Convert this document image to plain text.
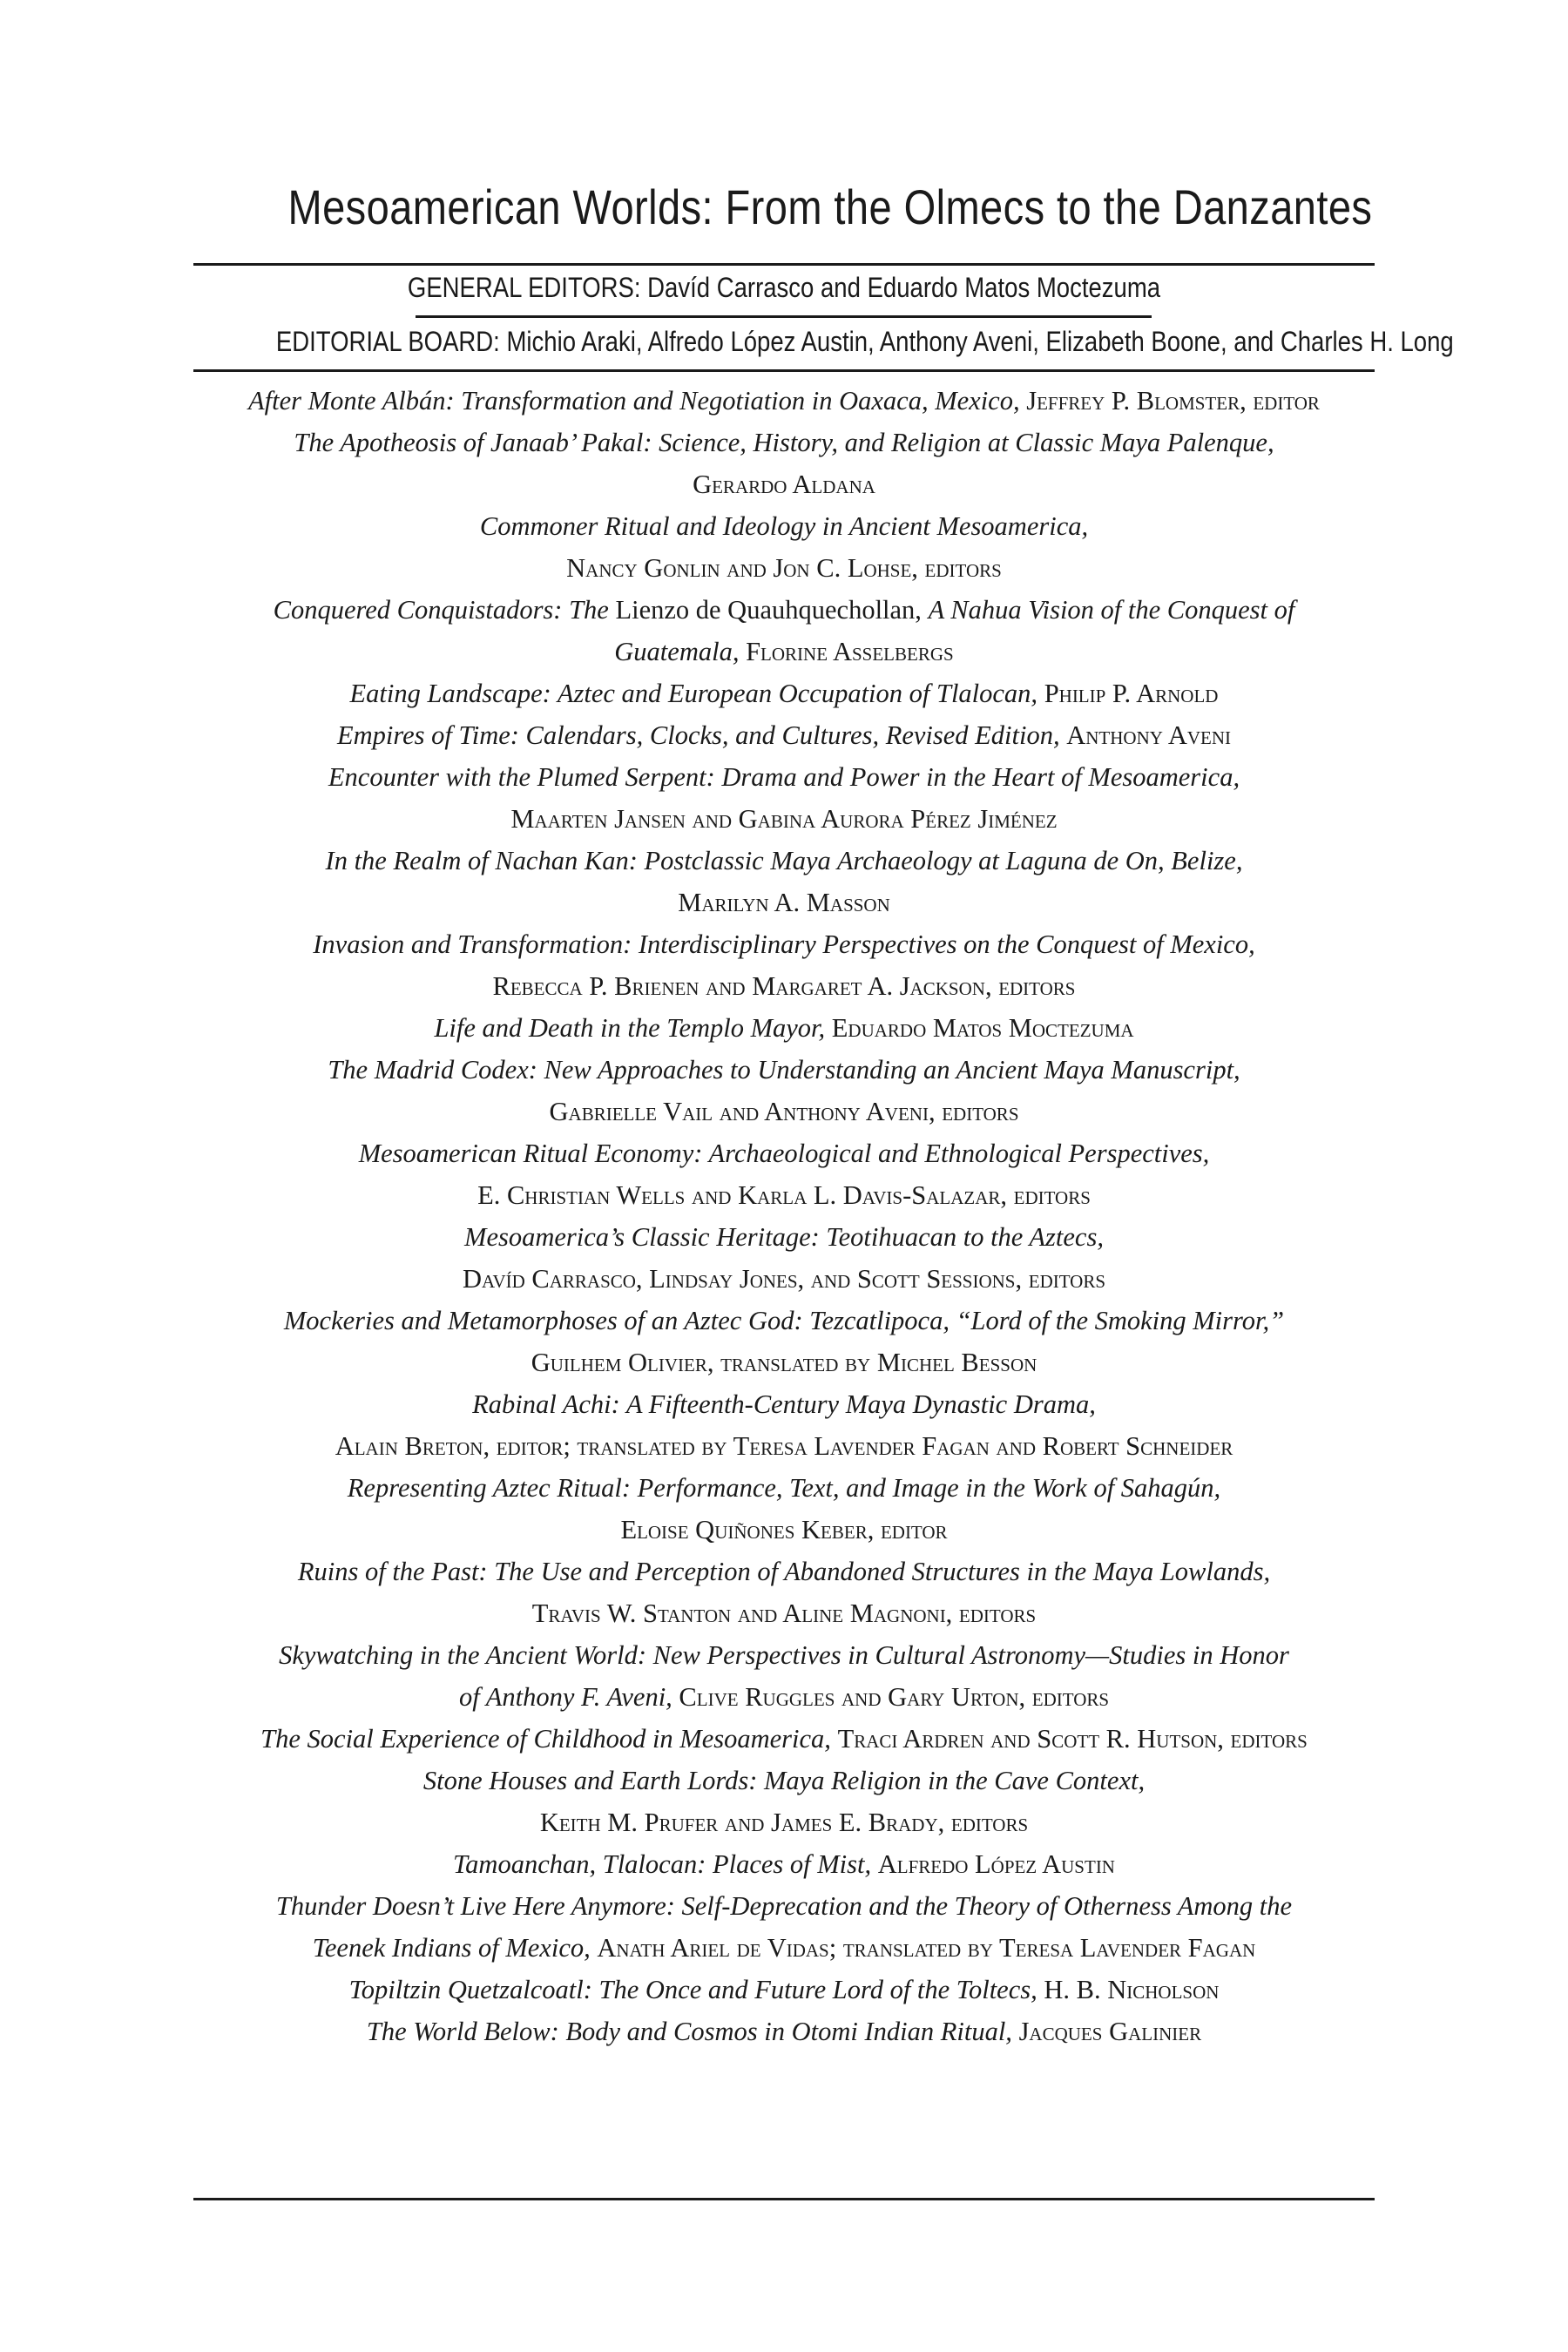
Mesoamerican Worlds: From the Olmecs to the Danzantes
GENERAL EDITORS: Davíd Carrasco and Eduardo Matos Moctezuma
EDITORIAL BOARD: Michio Araki, Alfredo López Austin, Anthony Aveni, Elizabeth Boone, and Charles H. Long
After Monte Albán: Transformation and Negotiation in Oaxaca, Mexico, Jeffrey P. Blomster, editor
The Apotheosis of Janaab’ Pakal: Science, History, and Religion at Classic Maya Palenque,
Gerardo Aldana
Commoner Ritual and Ideology in Ancient Mesoamerica,
Nancy Gonlin and Jon C. Lohse, editors
Conquered Conquistadors: The Lienzo de Quauhquechollan, A Nahua Vision of the Conquest of
Guatemala, Florine Asselbergs
Eating Landscape: Aztec and European Occupation of Tlalocan, Philip P. Arnold
Empires of Time: Calendars, Clocks, and Cultures, Revised Edition, Anthony Aveni
Encounter with the Plumed Serpent: Drama and Power in the Heart of Mesoamerica,
Maarten Jansen and Gabina Aurora Pérez Jiménez
In the Realm of Nachan Kan: Postclassic Maya Archaeology at Laguna de On, Belize,
Marilyn A. Masson
Invasion and Transformation: Interdisciplinary Perspectives on the Conquest of Mexico,
Rebecca P. Brienen and Margaret A. Jackson, editors
Life and Death in the Templo Mayor, Eduardo Matos Moctezuma
The Madrid Codex: New Approaches to Understanding an Ancient Maya Manuscript,
Gabrielle Vail and Anthony Aveni, editors
Mesoamerican Ritual Economy: Archaeological and Ethnological Perspectives,
E. Christian Wells and Karla L. Davis-Salazar, editors
Mesoamerica’s Classic Heritage: Teotihuacan to the Aztecs,
Davíd Carrasco, Lindsay Jones, and Scott Sessions, editors
Mockeries and Metamorphoses of an Aztec God: Tezcatlipoca, “Lord of the Smoking Mirror,”
Guilhem Olivier, translated by Michel Besson
Rabinal Achi: A Fifteenth-Century Maya Dynastic Drama,
Alain Breton, editor; translated by Teresa Lavender Fagan and Robert Schneider
Representing Aztec Ritual: Performance, Text, and Image in the Work of Sahagún,
Eloise Quiñones Keber, editor
Ruins of the Past: The Use and Perception of Abandoned Structures in the Maya Lowlands,
Travis W. Stanton and Aline Magnoni, editors
Skywatching in the Ancient World: New Perspectives in Cultural Astronomy—Studies in Honor
of Anthony F. Aveni, Clive Ruggles and Gary Urton, editors
The Social Experience of Childhood in Mesoamerica, Traci Ardren and Scott R. Hutson, editors
Stone Houses and Earth Lords: Maya Religion in the Cave Context,
Keith M. Prufer and James E. Brady, editors
Tamoanchan, Tlalocan: Places of Mist, Alfredo López Austin
Thunder Doesn’t Live Here Anymore: Self-Deprecation and the Theory of Otherness Among the
Teenek Indians of Mexico, Anath Ariel de Vidas; translated by Teresa Lavender Fagan
Topiltzin Quetzalcoatl: The Once and Future Lord of the Toltecs, H. B. Nicholson
The World Below: Body and Cosmos in Otomi Indian Ritual, Jacques Galinier
